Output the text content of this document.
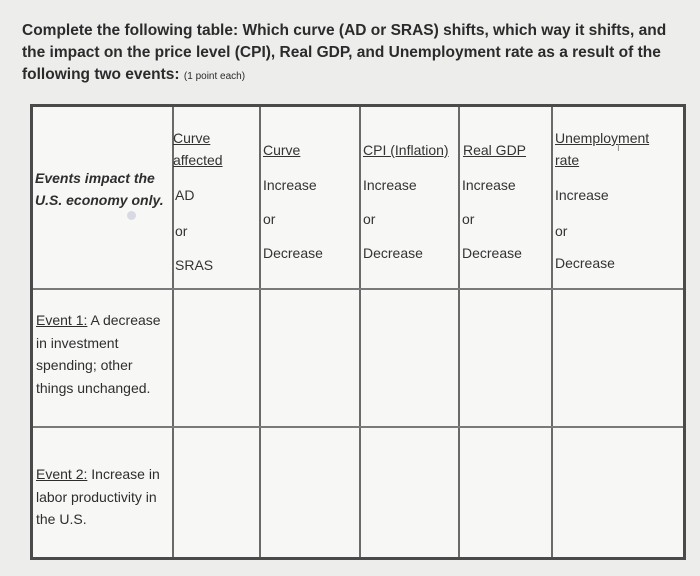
Complete the following table: Which curve (AD or SRAS) shifts, which way it shifts, and the impact on the price level (CPI), Real GDP, and Unemployment rate as a result of the following two events: (1 point each)
Events impact the
U.S. economy only.
Curve
affected
AD
or
SRAS
Curve
Increase
or
Decrease
CPI (Inflation)
Increase
or
Decrease
Real GDP
Increase
or
Decrease
Unemployment
rate
I
Increase
or
Decrease
Event 1: A decrease in investment spending; other things unchanged.
Event 2: Increase in labor productivity in the U.S.
